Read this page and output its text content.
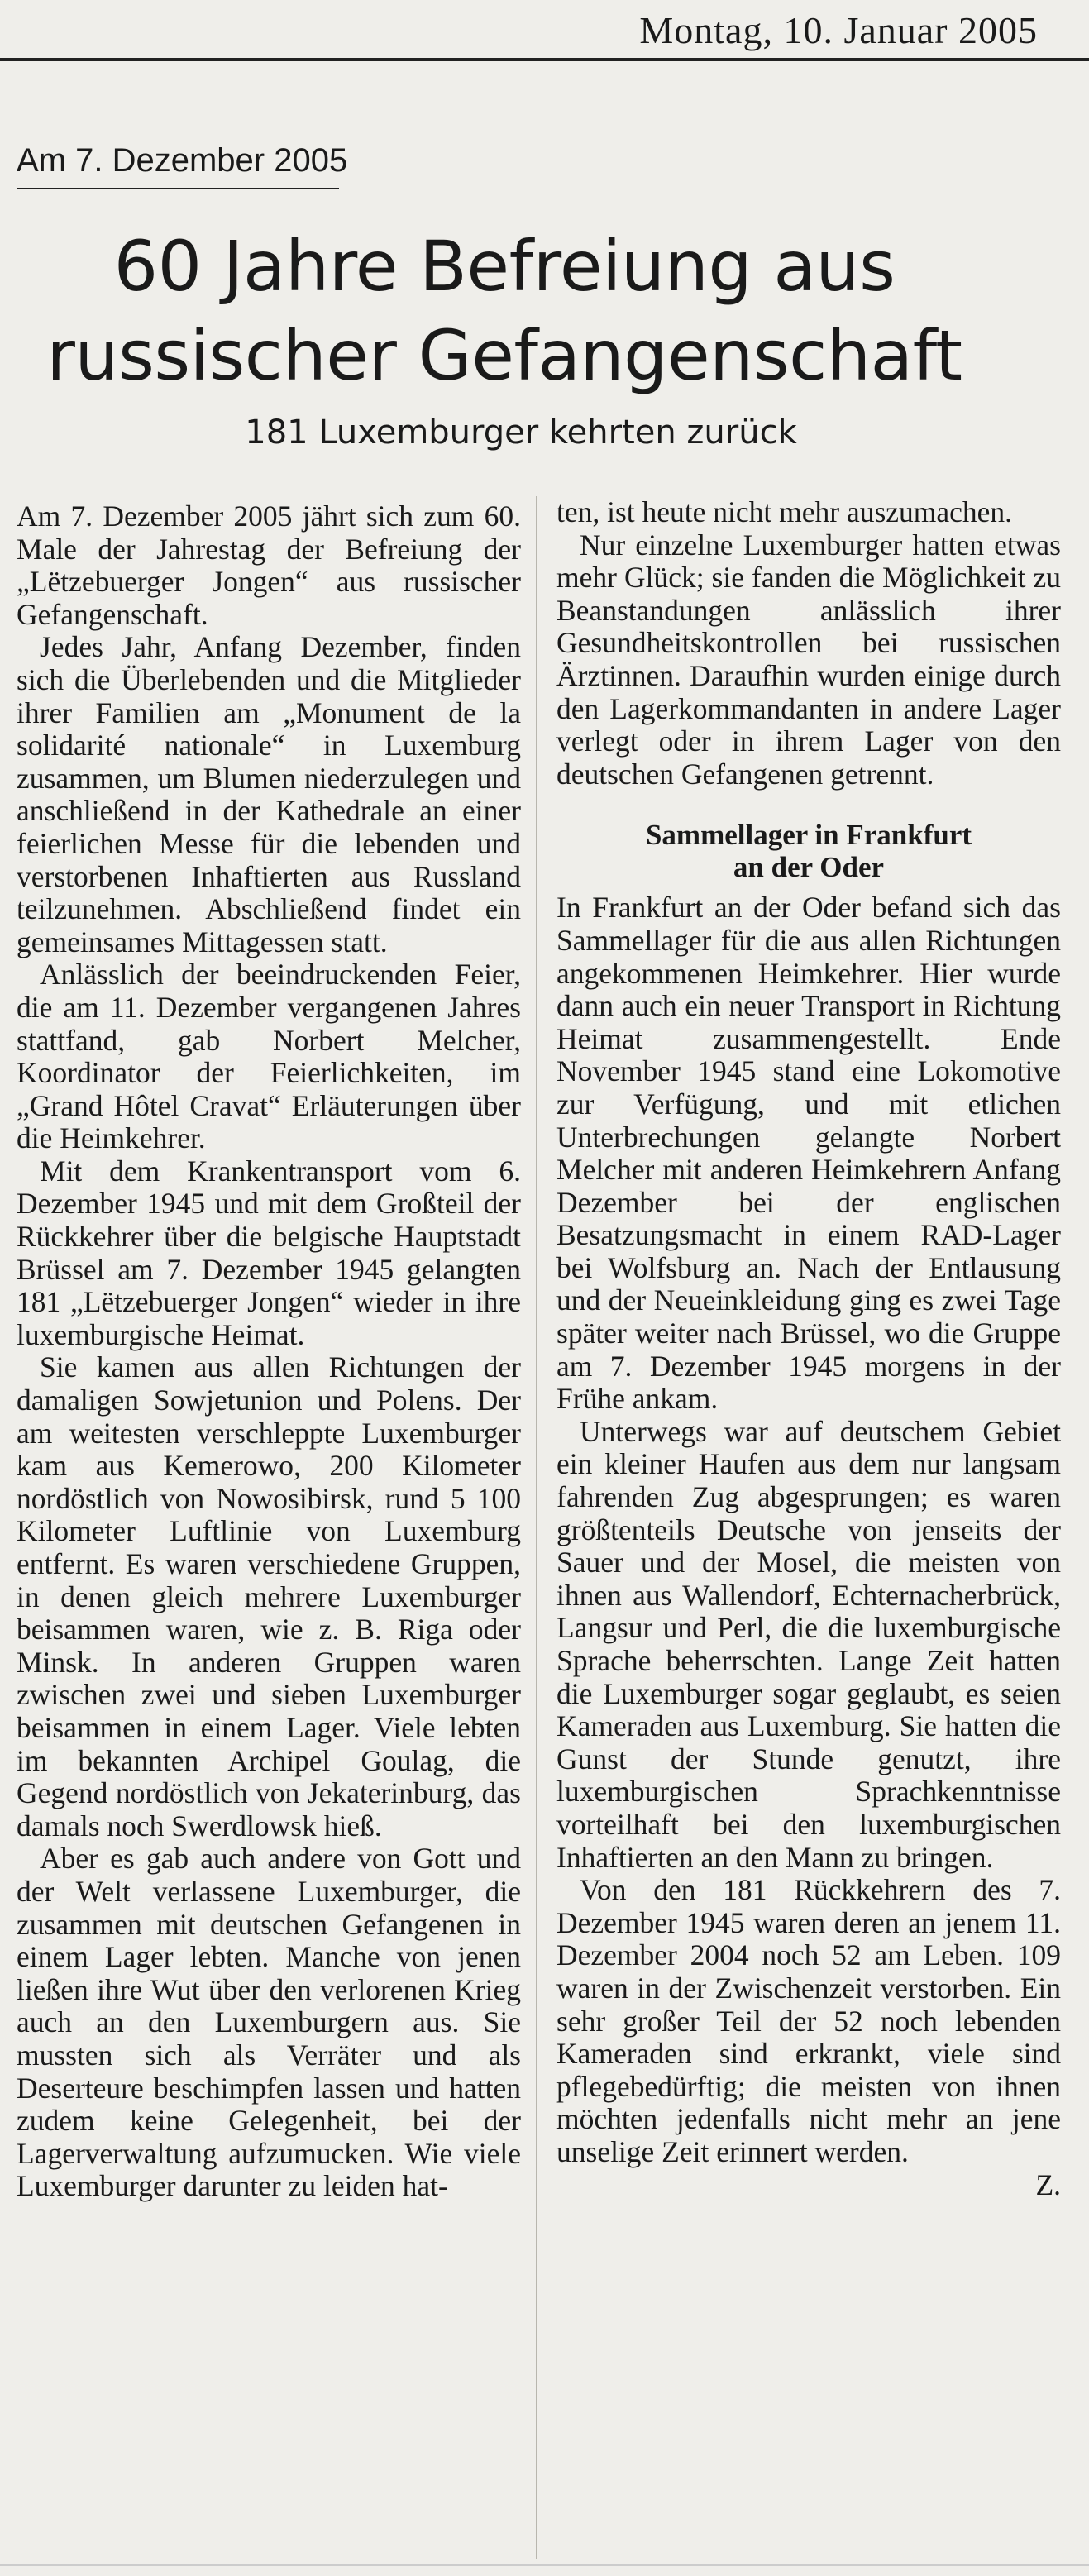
Montag, 10. Januar 2005
Am 7. Dezember 2005
60 Jahre Befreiung aus
russischer Gefangenschaft
181 Luxemburger kehrten zurück

Am 7. Dezember 2005 jährt sich zum 60. Male der Jahrestag der Befreiung der „Lëtzebuerger Jongen“ aus russischer Gefangenschaft.

Jedes Jahr, Anfang Dezember, finden sich die Überlebenden und die Mitglieder ihrer Familien am „Monument de la solidarité nationale“ in Luxemburg zusammen, um Blumen niederzulegen und anschließend in der Kathedrale an einer feierlichen Messe für die lebenden und verstorbenen Inhaftierten aus Russland teilzunehmen. Abschließend findet ein gemeinsames Mittagessen statt.

Anlässlich der beeindruckenden Feier, die am 11. Dezember vergangenen Jahres stattfand, gab Norbert Melcher, Koordinator der Feierlichkeiten, im „Grand Hôtel Cravat“ Erläuterungen über die Heimkehrer.

Mit dem Krankentransport vom 6. Dezember 1945 und mit dem Großteil der Rückkehrer über die belgische Hauptstadt Brüssel am 7. Dezember 1945 gelangten 181 „Lëtzebuerger Jongen“ wieder in ihre luxemburgische Heimat.

Sie kamen aus allen Richtungen der damaligen Sowjetunion und Polens. Der am weitesten verschleppte Luxemburger kam aus Kemerowo, 200 Kilometer nordöstlich von Nowosibirsk, rund 5 100 Kilometer Luftlinie von Luxemburg entfernt. Es waren verschiedene Gruppen, in denen gleich mehrere Luxemburger beisammen waren, wie z. B. Riga oder Minsk. In anderen Gruppen waren zwischen zwei und sieben Luxemburger beisammen in einem Lager. Viele lebten im bekannten Archipel Goulag, die Gegend nordöstlich von Jekaterinburg, das damals noch Swerdlowsk hieß.

Aber es gab auch andere von Gott und der Welt verlassene Luxemburger, die zusammen mit deutschen Gefangenen in einem Lager lebten. Manche von jenen ließen ihre Wut über den verlorenen Krieg auch an den Luxemburgern aus. Sie mussten sich als Verräter und als Deserteure beschimpfen lassen und hatten zudem keine Gelegenheit, bei der Lagerverwaltung aufzumucken. Wie viele Luxemburger darunter zu leiden hat-

ten, ist heute nicht mehr auszumachen.

Nur einzelne Luxemburger hatten etwas mehr Glück; sie fanden die Möglichkeit zu Beanstandungen anlässlich ihrer Gesundheitskontrollen bei russischen Ärztinnen. Daraufhin wurden einige durch den Lagerkommandanten in andere Lager verlegt oder in ihrem Lager von den deutschen Gefangenen getrennt.

Sammellager in Frankfurt
an der Oder

In Frankfurt an der Oder befand sich das Sammellager für die aus allen Richtungen angekommenen Heimkehrer. Hier wurde dann auch ein neuer Transport in Richtung Heimat zusammengestellt. Ende November 1945 stand eine Lokomotive zur Verfügung, und mit etlichen Unterbrechungen gelangte Norbert Melcher mit anderen Heimkehrern Anfang Dezember bei der englischen Besatzungsmacht in einem RAD-Lager bei Wolfsburg an. Nach der Entlausung und der Neueinkleidung ging es zwei Tage später weiter nach Brüssel, wo die Gruppe am 7. Dezember 1945 morgens in der Frühe ankam.

Unterwegs war auf deutschem Gebiet ein kleiner Haufen aus dem nur langsam fahrenden Zug abgesprungen; es waren größtenteils Deutsche von jenseits der Sauer und der Mosel, die meisten von ihnen aus Wallendorf, Echternacherbrück, Langsur und Perl, die die luxemburgische Sprache beherrschten. Lange Zeit hatten die Luxemburger sogar geglaubt, es seien Kameraden aus Luxemburg. Sie hatten die Gunst der Stunde genutzt, ihre luxemburgischen Sprachkenntnisse vorteilhaft bei den luxemburgischen Inhaftierten an den Mann zu bringen.

Von den 181 Rückkehrern des 7. Dezember 1945 waren deren an jenem 11. Dezember 2004 noch 52 am Leben. 109 waren in der Zwischenzeit verstorben. Ein sehr großer Teil der 52 noch lebenden Kameraden sind erkrankt, viele sind pflegebedürftig; die meisten von ihnen möchten jedenfalls nicht mehr an jene unselige Zeit erinnert werden.

Z.
